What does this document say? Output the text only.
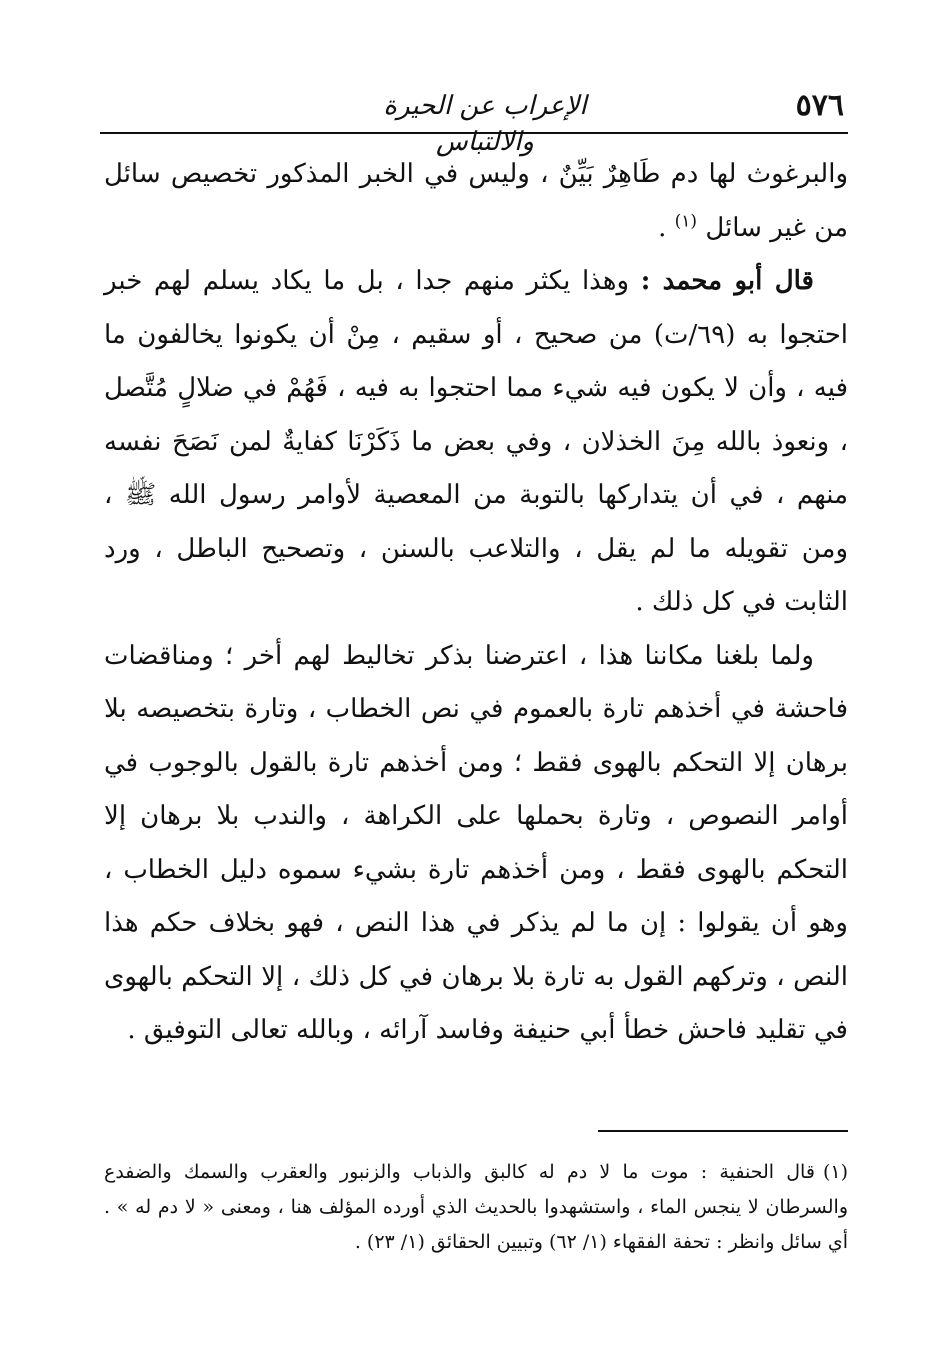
٥٧٦
الإعراب عن الحيرة والالتباس

والبرغوث لها دم طَاهِرٌ بَيِّنٌ ، وليس في الخبر المذكور تخصيص سائل من غير سائل $^{(١)}$ .

قال أبو محمد : وهذا يكثر منهم جدا ، بل ما يكاد يسلم لهم خبر احتجوا به (٦٩/ت) من صحيح ، أو سقيم ، مِنْ أن يكونوا يخالفون ما فيه ، وأن لا يكون فيه شيء مما احتجوا به فيه ، فَهُمْ في ضلالٍ مُتَّصل ، ونعوذ بالله مِنَ الخذلان ، وفي بعض ما ذَكَرْنَا كفايةٌ لمن نَصَحَ نفسه منهم ، في أن يتداركها بالتوبة من المعصية لأوامر رسول الله ﷺ ، ومن تقويله ما لم يقل ، والتلاعب بالسنن ، وتصحيح الباطل ، ورد الثابت في كل ذلك .

ولما بلغنا مكاننا هذا ، اعترضنا بذكر تخاليط لهم أخر ؛ ومناقضات فاحشة في أخذهم تارة بالعموم في نص الخطاب ، وتارة بتخصيصه بلا برهان إلا التحكم بالهوى فقط ؛ ومن أخذهم تارة بالقول بالوجوب في أوامر النصوص ، وتارة بحملها على الكراهة ، والندب بلا برهان إلا التحكم بالهوى فقط ، ومن أخذهم تارة بشيء سموه دليل الخطاب ، وهو أن يقولوا : إن ما لم يذكر في هذا النص ، فهو بخلاف حكم هذا النص ، وتركهم القول به تارة بلا برهان في كل ذلك ، إلا التحكم بالهوى في تقليد فاحش خطأ أبي حنيفة وفاسد آرائه ، وبالله تعالى التوفيق .

(١)قال الحنفية : موت ما لا دم له كالبق والذباب والزنبور والعقرب والسمك والضفدع والسرطان لا ينجس الماء ، واستشهدوا بالحديث الذي أورده المؤلف هنا ، ومعنى « لا دم له » . أي سائل وانظر : تحفة الفقهاء (١/ ٦٢) وتبيين الحقائق (١/ ٢٣) .
